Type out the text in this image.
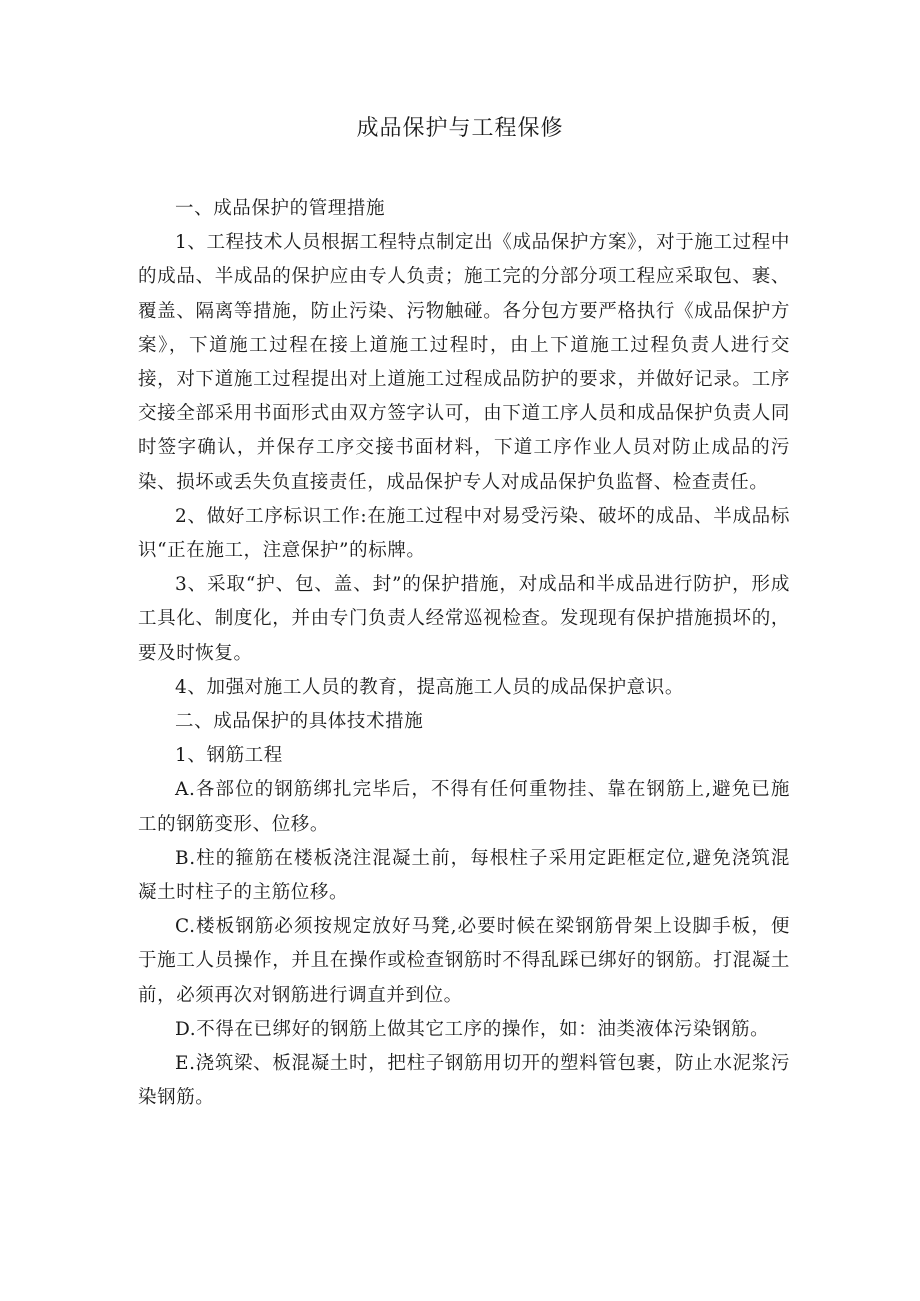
成品保护与工程保修

一、成品保护的管理措施

1、工程技术人员根据工程特点制定出《成品保护方案》，对于施工过程中的成品、半成品的保护应由专人负责；施工完的分部分项工程应采取包、裹、覆盖、隔离等措施，防止污染、污物触碰。各分包方要严格执行《成品保护方案》，下道施工过程在接上道施工过程时，由上下道施工过程负责人进行交接，对下道施工过程提出对上道施工过程成品防护的要求，并做好记录。工序交接全部采用书面形式由双方签字认可，由下道工序人员和成品保护负责人同时签字确认，并保存工序交接书面材料，下道工序作业人员对防止成品的污染、损坏或丢失负直接责任，成品保护专人对成品保护负监督、检查责任。

2、做好工序标识工作:在施工过程中对易受污染、破坏的成品、半成品标识“正在施工，注意保护”的标牌。

3、采取“护、包、盖、封”的保护措施，对成品和半成品进行防护，形成工具化、制度化，并由专门负责人经常巡视检查。发现现有保护措施损坏的，要及时恢复。

4、加强对施工人员的教育，提高施工人员的成品保护意识。

二、成品保护的具体技术措施

1、钢筋工程

A.各部位的钢筋绑扎完毕后，不得有任何重物挂、靠在钢筋上,避免已施工的钢筋变形、位移。

B.柱的箍筋在楼板浇注混凝土前，每根柱子采用定距框定位,避免浇筑混凝土时柱子的主筋位移。

C.楼板钢筋必须按规定放好马凳,必要时候在梁钢筋骨架上设脚手板，便于施工人员操作，并且在操作或检查钢筋时不得乱踩已绑好的钢筋。打混凝土前，必须再次对钢筋进行调直并到位。

D.不得在已绑好的钢筋上做其它工序的操作，如：油类液体污染钢筋。

E.浇筑梁、板混凝土时，把柱子钢筋用切开的塑料管包裹，防止水泥浆污染钢筋。
